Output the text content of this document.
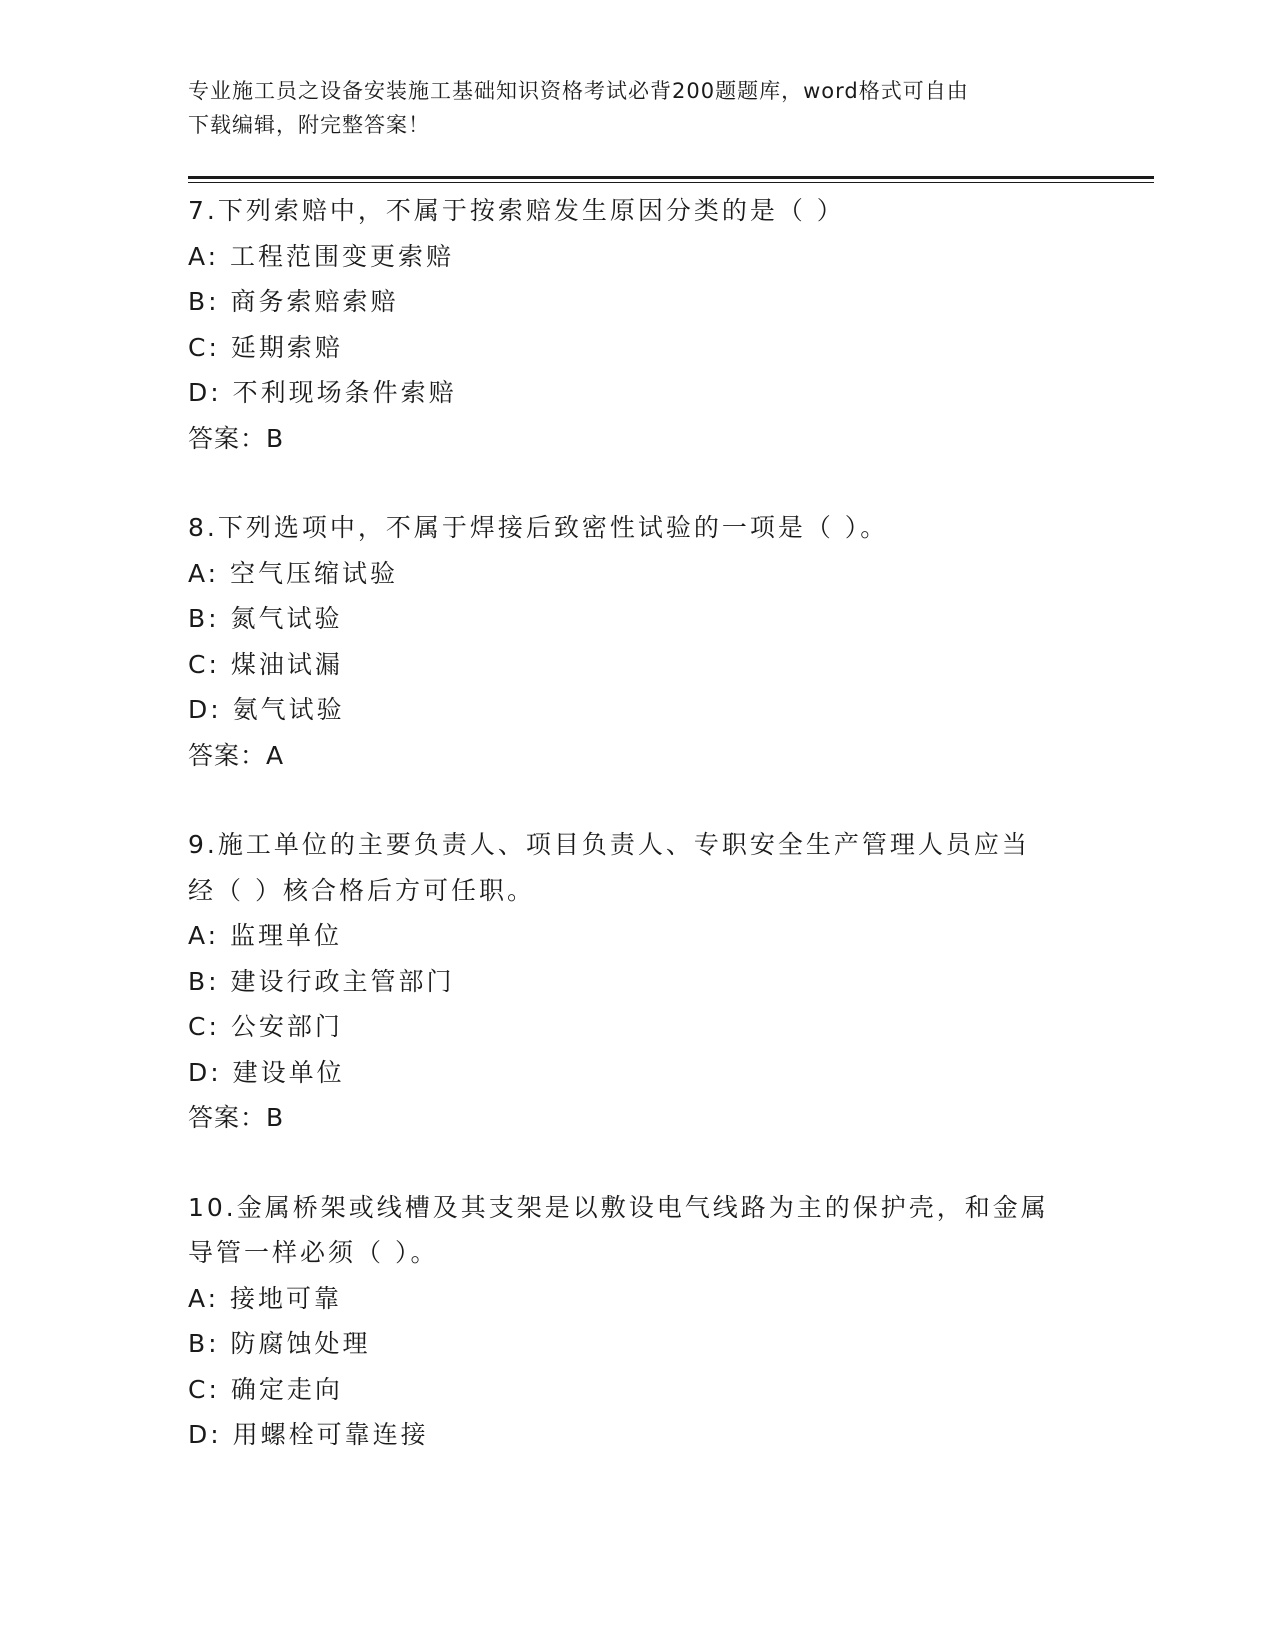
专业施工员之设备安装施工基础知识资格考试必背200题题库，word格式可自由
下载编辑，附完整答案！

7.下列索赔中，不属于按索赔发生原因分类的是（ ）

A: 工程范围变更索赔

B: 商务索赔索赔

C: 延期索赔

D: 不利现场条件索赔

答案：B

8.下列选项中，不属于焊接后致密性试验的一项是（ ）。

A: 空气压缩试验

B: 氮气试验

C: 煤油试漏

D: 氨气试验

答案：A

9.施工单位的主要负责人、项目负责人、专职安全生产管理人员应当

经（ ）核合格后方可任职。

A: 监理单位

B: 建设行政主管部门

C: 公安部门

D: 建设单位

答案：B

10.金属桥架或线槽及其支架是以敷设电气线路为主的保护壳，和金属

导管一样必须（ ）。

A: 接地可靠

B: 防腐蚀处理

C: 确定走向

D: 用螺栓可靠连接
